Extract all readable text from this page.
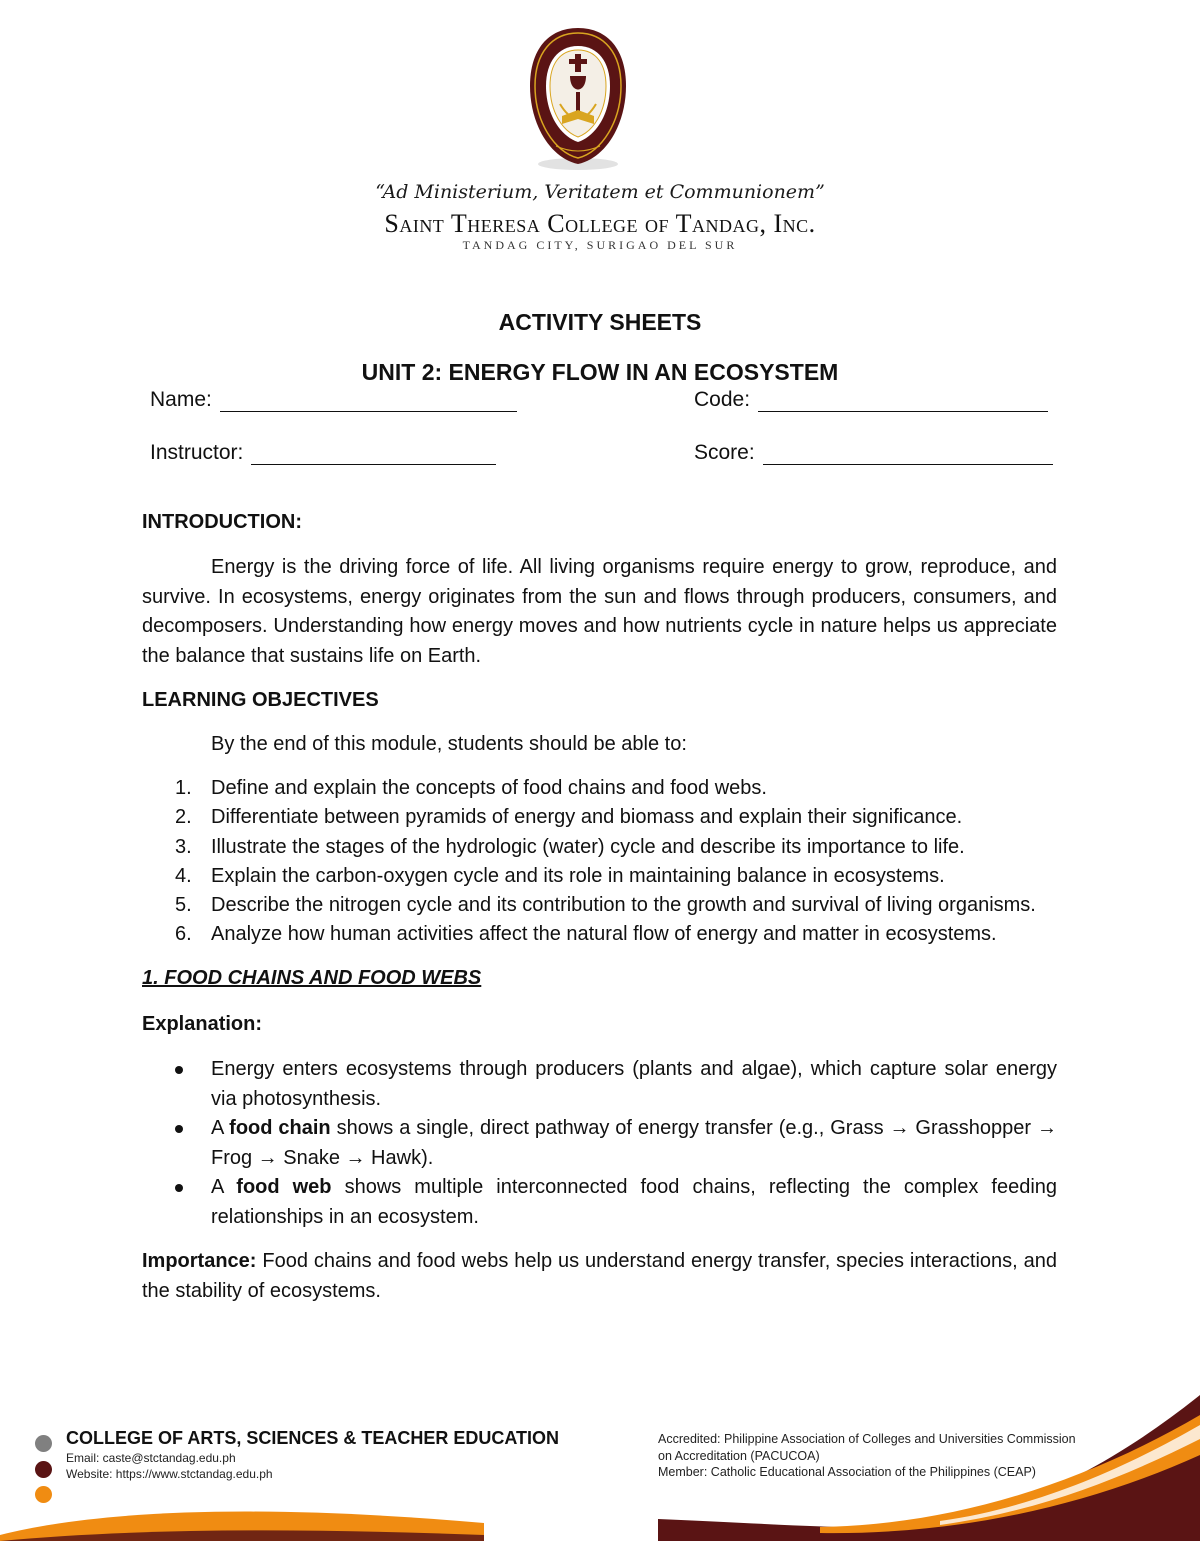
“Ad Ministerium, Veritatem et Communionem”
Saint Theresa College of Tandag, Inc.
TANDAG CITY, SURIGAO DEL SUR
ACTIVITY SHEETS
UNIT 2: ENERGY FLOW IN AN ECOSYSTEM
Name:	Code:
Instructor:	Score:
INTRODUCTION:
Energy is the driving force of life. All living organisms require energy to grow, reproduce, and survive. In ecosystems, energy originates from the sun and flows through producers, consumers, and decomposers. Understanding how energy moves and how nutrients cycle in nature helps us appreciate the balance that sustains life on Earth.
LEARNING OBJECTIVES
By the end of this module, students should be able to:
1. Define and explain the concepts of food chains and food webs.
2. Differentiate between pyramids of energy and biomass and explain their significance.
3. Illustrate the stages of the hydrologic (water) cycle and describe its importance to life.
4. Explain the carbon-oxygen cycle and its role in maintaining balance in ecosystems.
5. Describe the nitrogen cycle and its contribution to the growth and survival of living organisms.
6. Analyze how human activities affect the natural flow of energy and matter in ecosystems.
1. FOOD CHAINS AND FOOD WEBS
Explanation:
Energy enters ecosystems through producers (plants and algae), which capture solar energy via photosynthesis.
A food chain shows a single, direct pathway of energy transfer (e.g., Grass → Grasshopper → Frog → Snake → Hawk).
A food web shows multiple interconnected food chains, reflecting the complex feeding relationships in an ecosystem.
Importance: Food chains and food webs help us understand energy transfer, species interactions, and the stability of ecosystems.
COLLEGE OF ARTS, SCIENCES & TEACHER EDUCATION
Email: caste@stctandag.edu.ph
Website: https://www.stctandag.edu.ph
Accredited: Philippine Association of Colleges and Universities Commission
on Accreditation (PACUCOA)
Member: Catholic Educational Association of the Philippines (CEAP)
